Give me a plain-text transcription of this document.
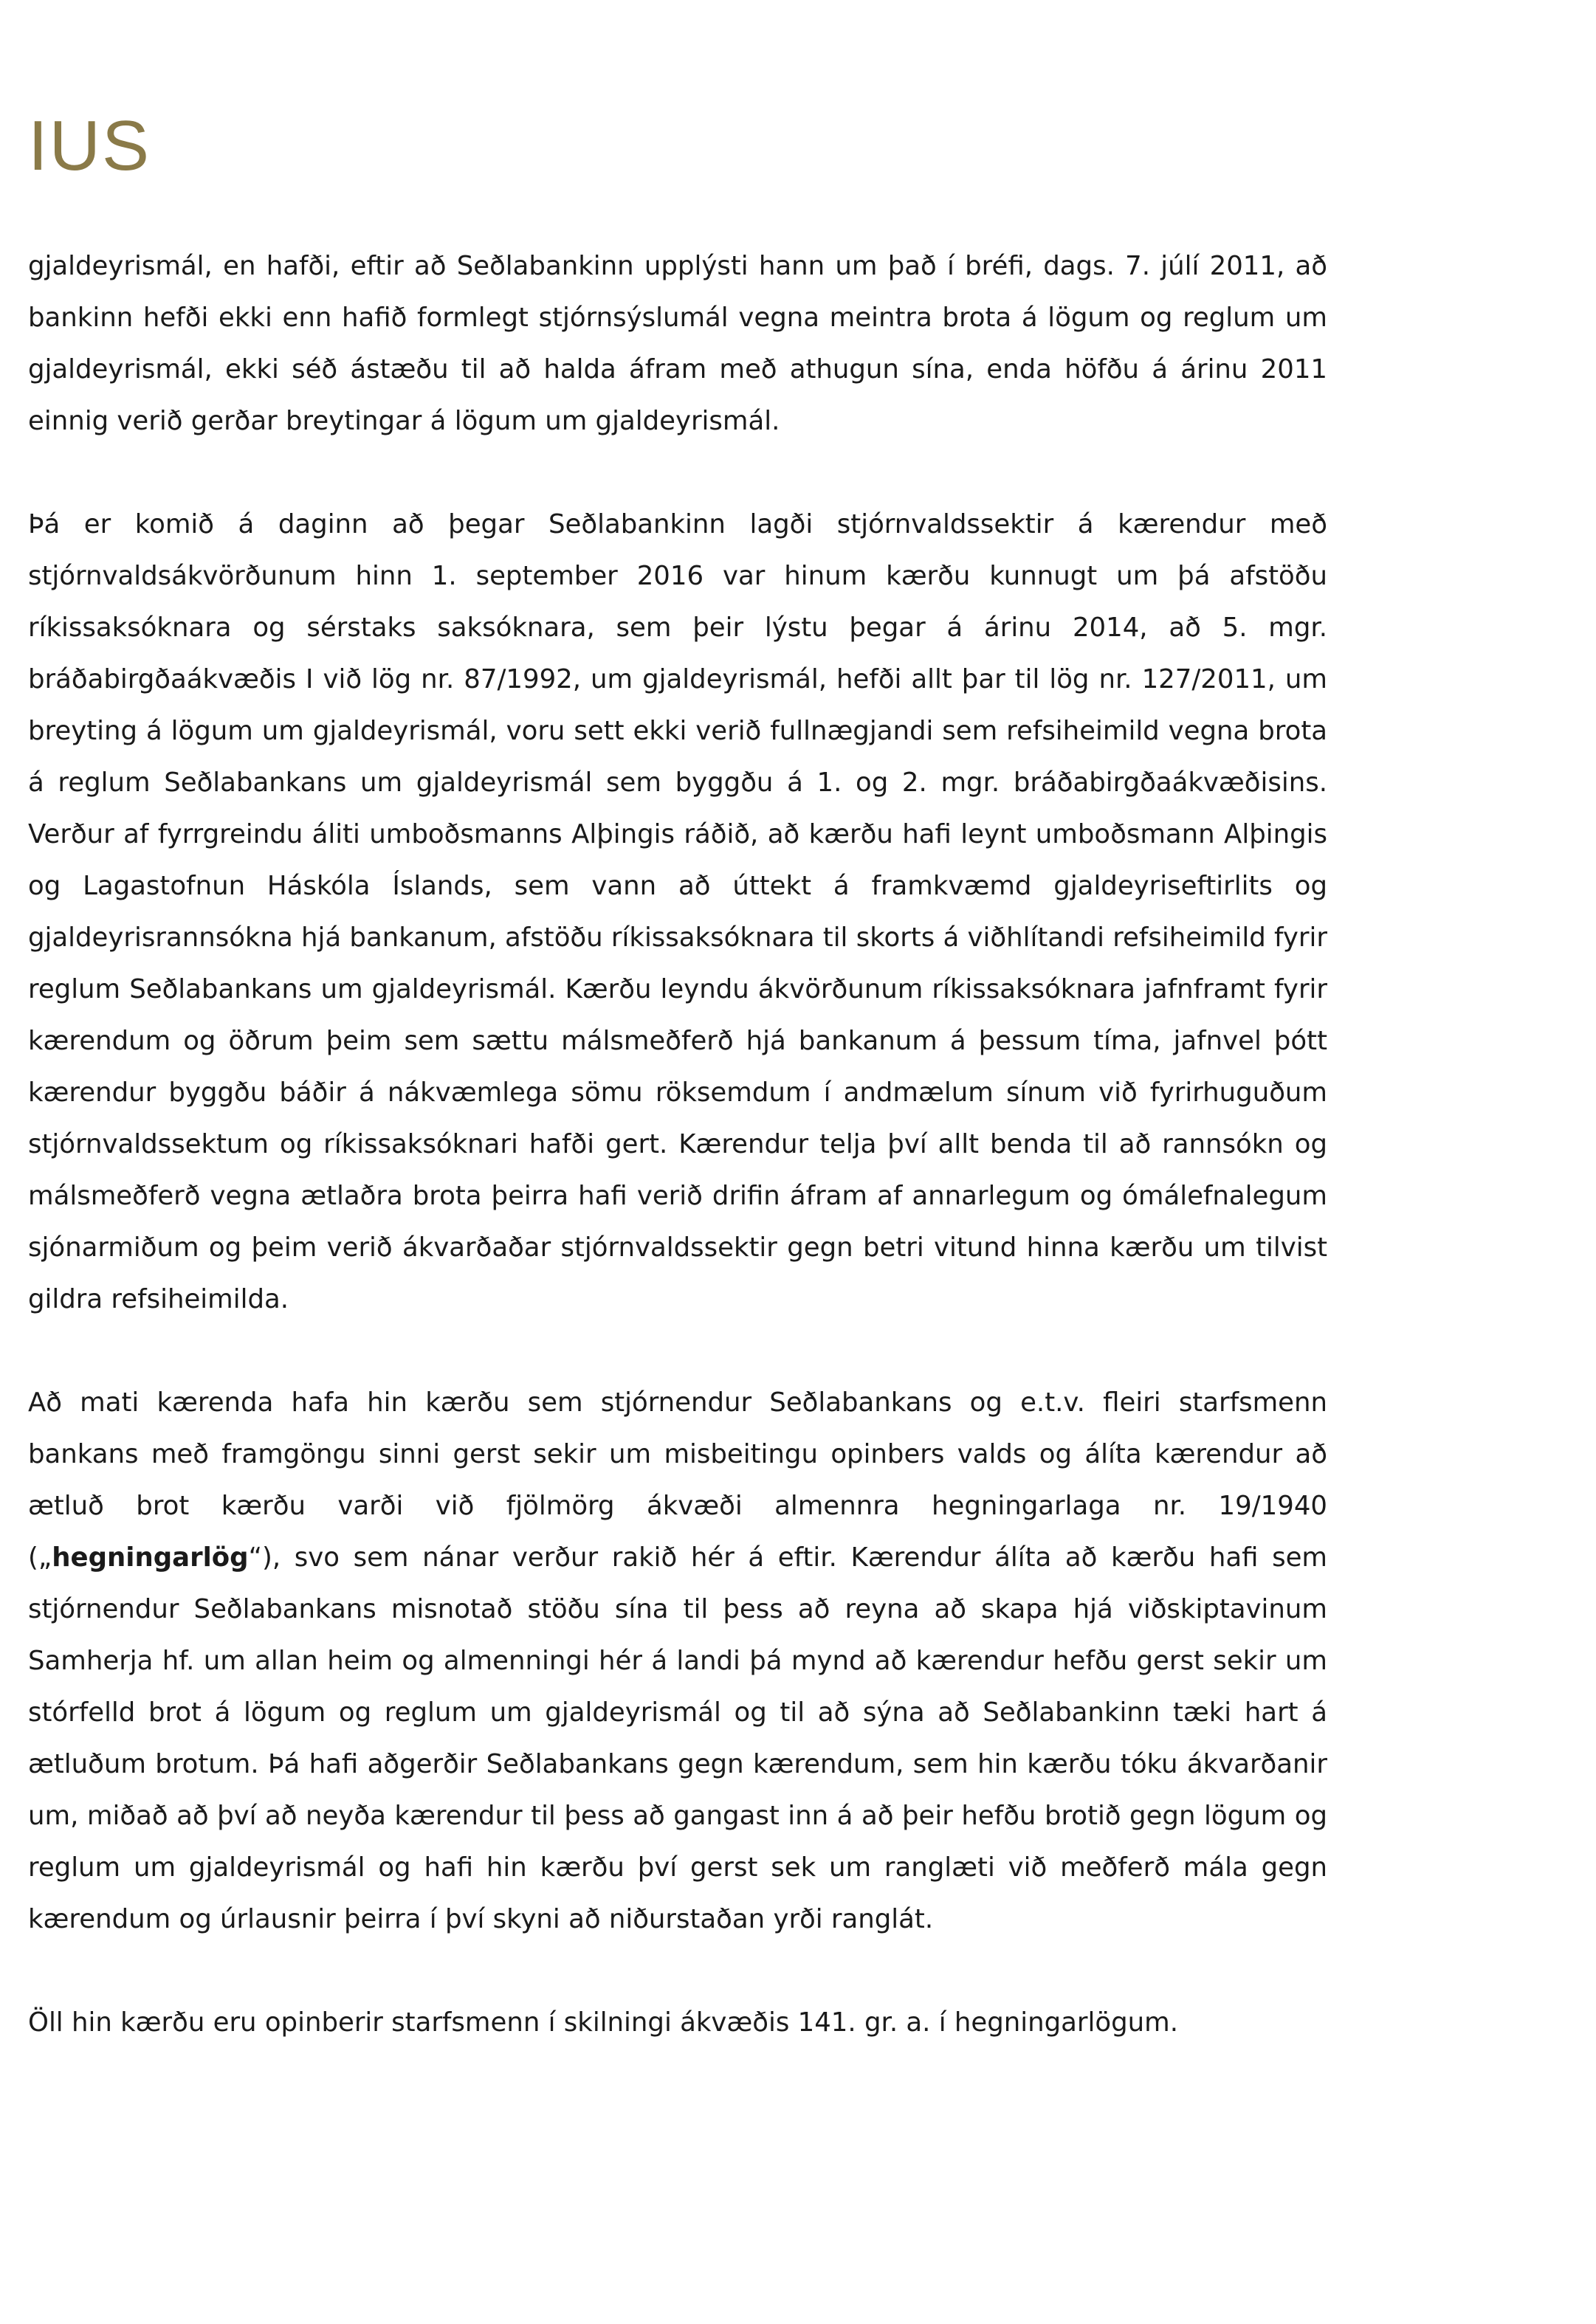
IUS

gjaldeyrismál, en hafði, eftir að Seðlabankinn upplýsti hann um það í bréfi, dags. 7. júlí 2011, að bankinn hefði ekki enn hafið formlegt stjórnsýslumál vegna meintra brota á lögum og reglum um gjaldeyrismál, ekki séð ástæðu til að halda áfram með athugun sína, enda höfðu á árinu 2011 einnig verið gerðar breytingar á lögum um gjaldeyrismál.

Þá er komið á daginn að þegar Seðlabankinn lagði stjórnvaldssektir á kærendur með stjórnvaldsákvörðunum hinn 1. september 2016 var hinum kærðu kunnugt um þá afstöðu ríkissaksóknara og sérstaks saksóknara, sem þeir lýstu þegar á árinu 2014, að 5. mgr. bráðabirgðaákvæðis I við lög nr. 87/1992, um gjaldeyrismál, hefði allt þar til lög nr. 127/2011, um breyting á lögum um gjaldeyrismál, voru sett ekki verið fullnægjandi sem refsiheimild vegna brota á reglum Seðlabankans um gjaldeyrismál sem byggðu á 1. og 2. mgr. bráðabirgðaákvæðisins. Verður af fyrrgreindu áliti umboðsmanns Alþingis ráðið, að kærðu hafi leynt umboðsmann Alþingis og Lagastofnun Háskóla Íslands, sem vann að úttekt á framkvæmd gjaldeyriseftirlits og gjaldeyrisrannsókna hjá bankanum, afstöðu ríkissaksóknara til skorts á viðhlítandi refsiheimild fyrir reglum Seðlabankans um gjaldeyrismál. Kærðu leyndu ákvörðunum ríkissaksóknara jafnframt fyrir kærendum og öðrum þeim sem sættu málsmeðferð hjá bankanum á þessum tíma, jafnvel þótt kærendur byggðu báðir á nákvæmlega sömu röksemdum í andmælum sínum við fyrirhuguðum stjórnvaldssektum og ríkissaksóknari hafði gert. Kærendur telja því allt benda til að rannsókn og málsmeðferð vegna ætlaðra brota þeirra hafi verið drifin áfram af annarlegum og ómálefnalegum sjónarmiðum og þeim verið ákvarðaðar stjórnvaldssektir gegn betri vitund hinna kærðu um tilvist gildra refsiheimilda.

Að mati kærenda hafa hin kærðu sem stjórnendur Seðlabankans og e.t.v. fleiri starfsmenn bankans með framgöngu sinni gerst sekir um misbeitingu opinbers valds og álíta kærendur að ætluð brot kærðu varði við fjölmörg ákvæði almennra hegningarlaga nr. 19/1940 („hegningarlög“), svo sem nánar verður rakið hér á eftir. Kærendur álíta að kærðu hafi sem stjórnendur Seðlabankans misnotað stöðu sína til þess að reyna að skapa hjá viðskiptavinum Samherja hf. um allan heim og almenningi hér á landi þá mynd að kærendur hefðu gerst sekir um stórfelld brot á lögum og reglum um gjaldeyrismál og til að sýna að Seðlabankinn tæki hart á ætluðum brotum. Þá hafi aðgerðir Seðlabankans gegn kærendum, sem hin kærðu tóku ákvarðanir um, miðað að því að neyða kærendur til þess að gangast inn á að þeir hefðu brotið gegn lögum og reglum um gjaldeyrismál og hafi hin kærðu því gerst sek um ranglæti við meðferð mála gegn kærendum og úrlausnir þeirra í því skyni að niðurstaðan yrði ranglát.

Öll hin kærðu eru opinberir starfsmenn í skilningi ákvæðis 141. gr. a. í hegningarlögum.
